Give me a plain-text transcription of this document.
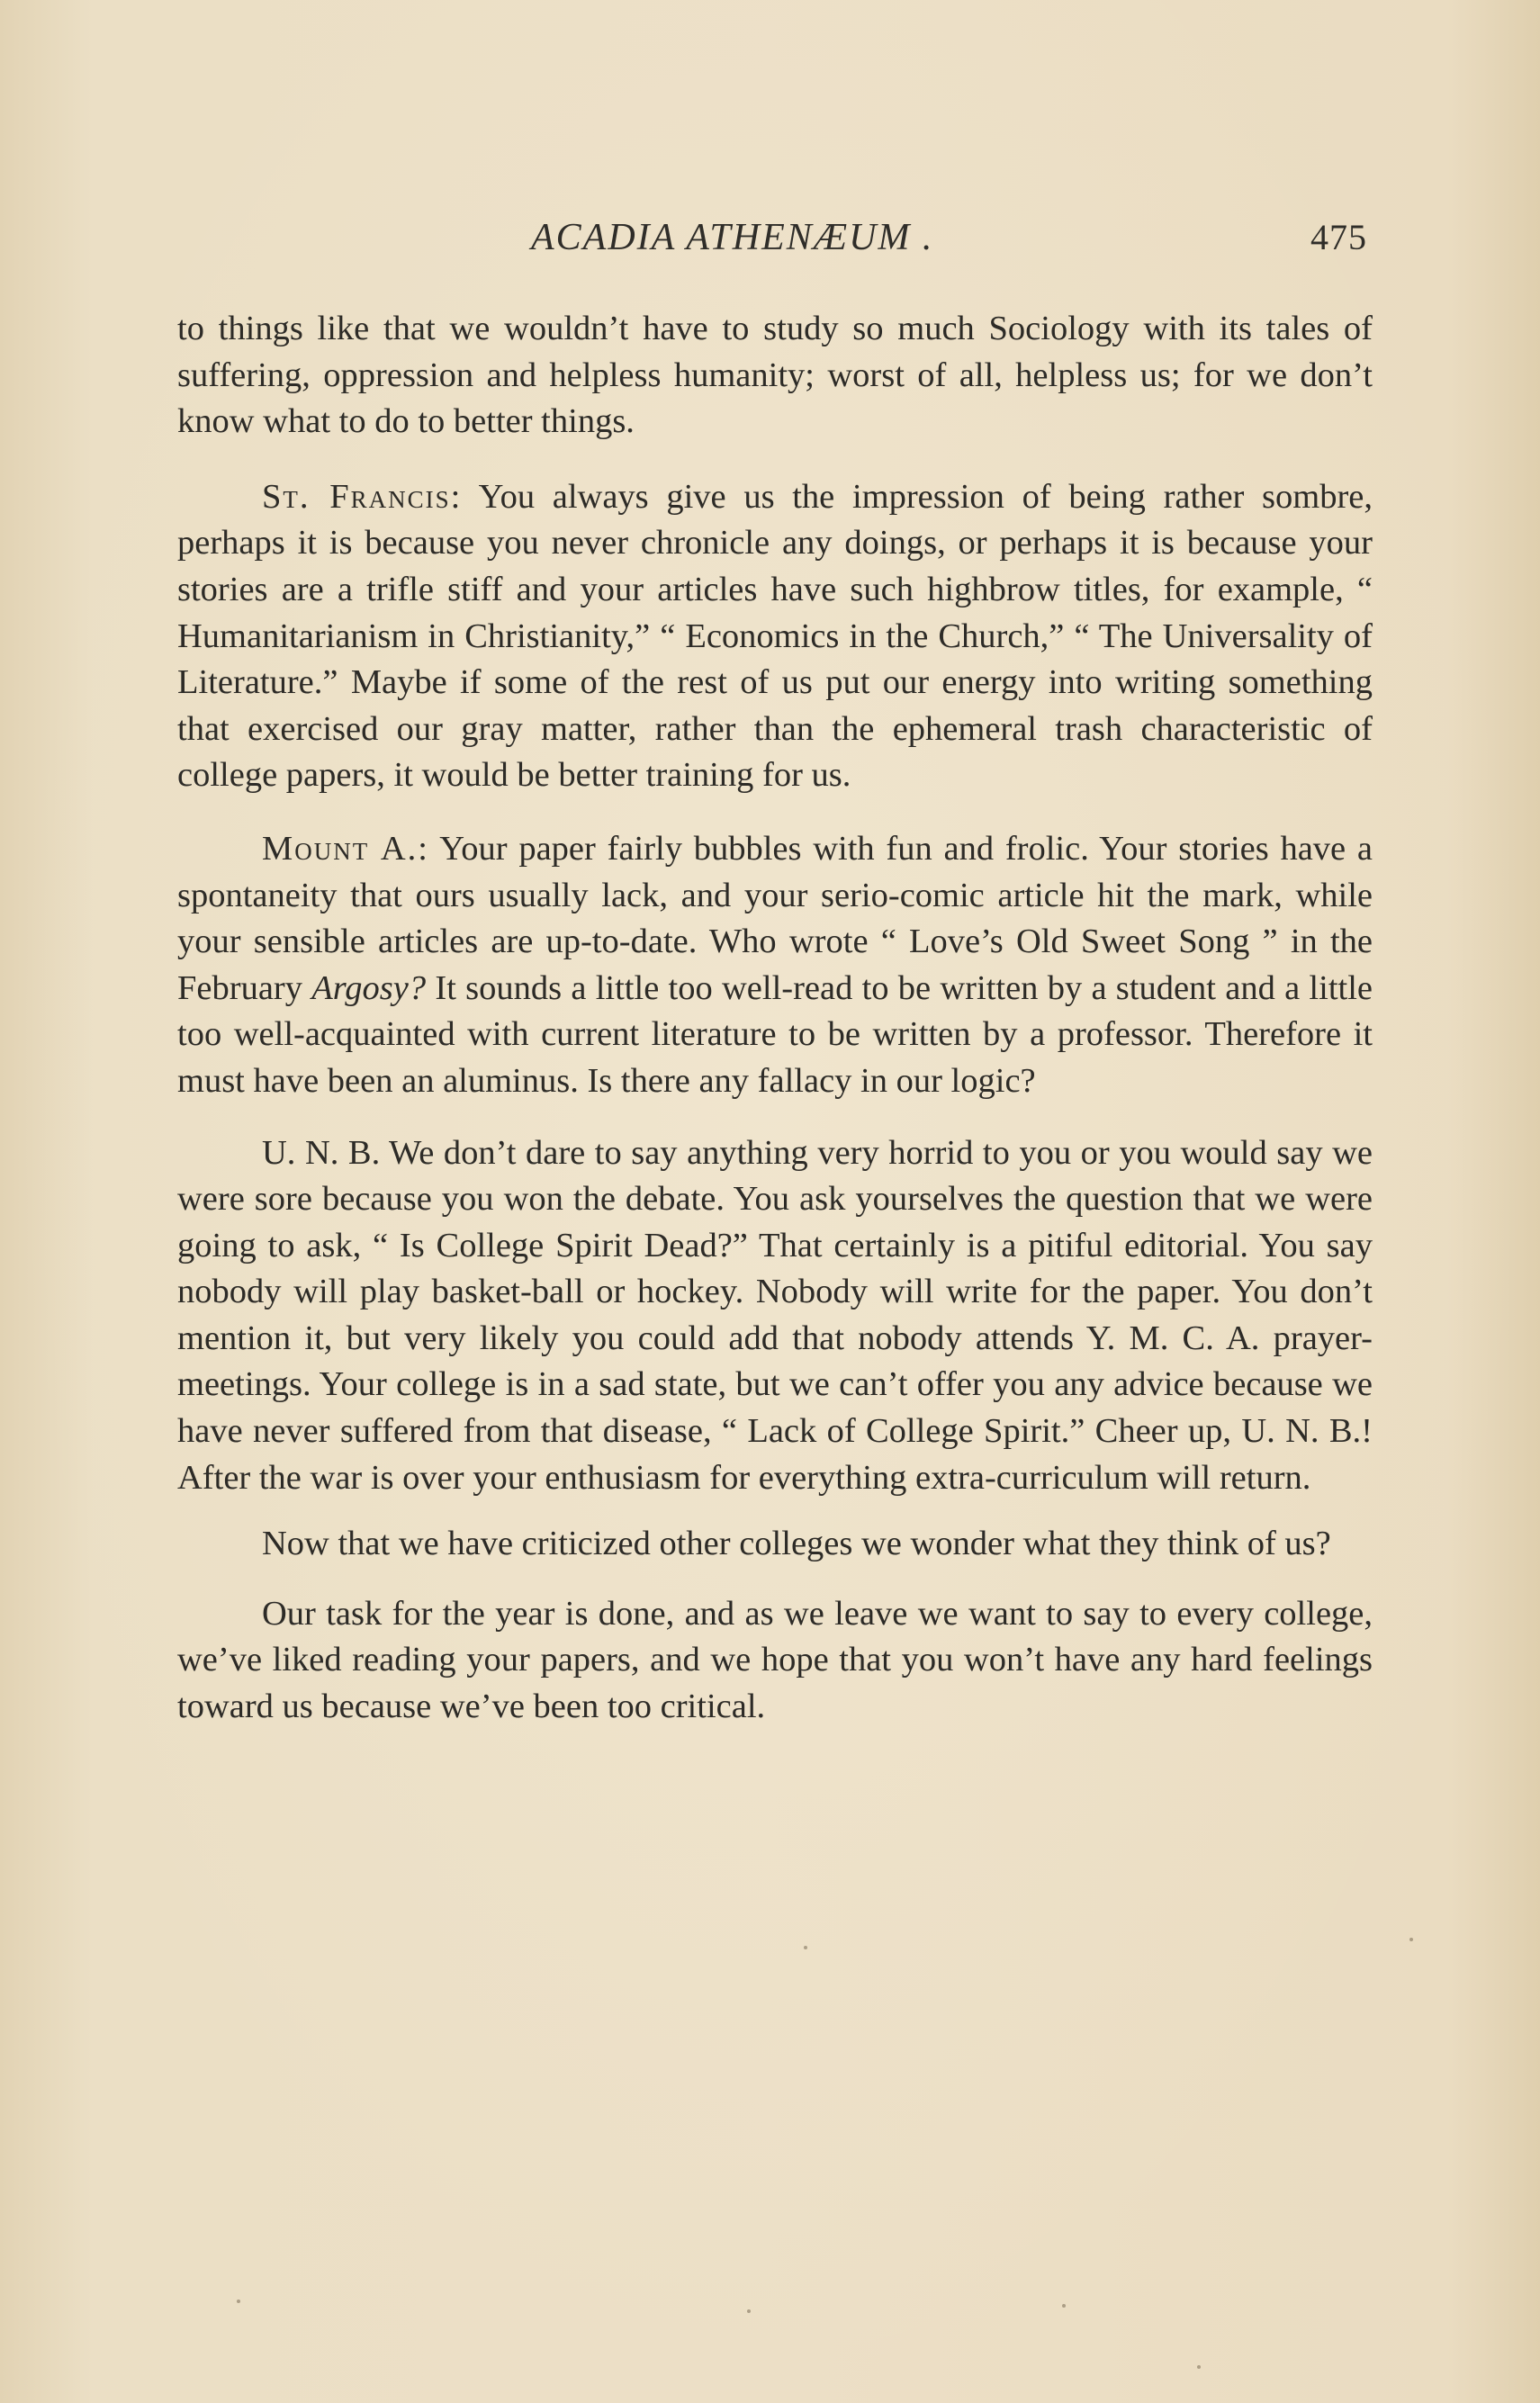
ACADIA ATHENÆUM .	475

to things like that we wouldn’t have to study so much Sociology with its tales of suffering, oppression and helpless humanity; worst of all, helpless us; for we don’t know what to do to better things.

St. Francis: You always give us the impression of being rather sombre, perhaps it is because you never chronicle any doings, or perhaps it is because your stories are a trifle stiff and your articles have such highbrow titles, for example, “ Humanitarianism in Christianity,” “ Economics in the Church,” “ The Universality of Literature.” Maybe if some of the rest of us put our energy into writing something that exercised our gray matter, rather than the ephemeral trash characteristic of college papers, it would be better training for us.

Mount A.: Your paper fairly bubbles with fun and frolic. Your stories have a spontaneity that ours usually lack, and your serio-comic article hit the mark, while your sensible articles are up-to-date. Who wrote “ Love’s Old Sweet Song ” in the February Argosy? It sounds a little too well-read to be written by a student and a little too well-acquainted with current literature to be written by a professor. Therefore it must have been an aluminus. Is there any fallacy in our logic?

U. N. B. We don’t dare to say anything very horrid to you or you would say we were sore because you won the debate. You ask yourselves the question that we were going to ask, “ Is College Spirit Dead?” That certainly is a pitiful editorial. You say nobody will play basket-ball or hockey. Nobody will write for the paper. You don’t mention it, but very likely you could add that nobody attends Y. M. C. A. prayer-meetings. Your college is in a sad state, but we can’t offer you any advice because we have never suffered from that disease, “ Lack of College Spirit.” Cheer up, U. N. B.! After the war is over your enthusiasm for everything extra-curriculum will return.

Now that we have criticized other colleges we wonder what they think of us?

Our task for the year is done, and as we leave we want to say to every college, we’ve liked reading your papers, and we hope that you won’t have any hard feelings toward us because we’ve been too critical.
